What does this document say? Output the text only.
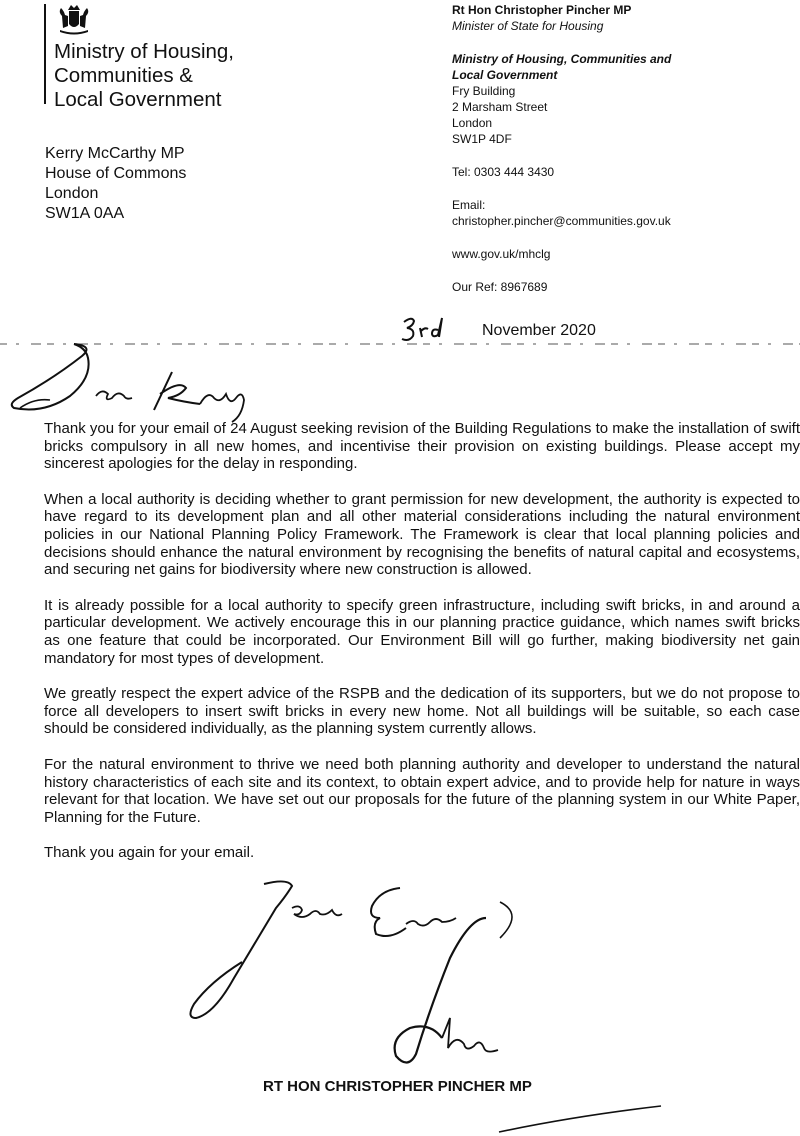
Ministry of Housing,
Communities &
Local Government
Kerry McCarthy MP
House of Commons
London
SW1A 0AA
Rt Hon Christopher Pincher MP
Minister of State for Housing
Ministry of Housing, Communities and
Local Government
Fry Building
2 Marsham Street
London
SW1P 4DF
Tel: 0303 444 3430
Email:
christopher.pincher@communities.gov.uk
www.gov.uk/mhclg
Our Ref: 8967689
November 2020

Thank you for your email of 24 August seeking revision of the Building Regulations to make the installation of swift bricks compulsory in all new homes, and incentivise their provision on existing buildings. Please accept my sincerest apologies for the delay in responding.

When a local authority is deciding whether to grant permission for new development, the authority is expected to have regard to its development plan and all other material considerations including the natural environment policies in our National Planning Policy Framework. The Framework is clear that local planning policies and decisions should enhance the natural environment by recognising the benefits of natural capital and ecosystems, and securing net gains for biodiversity where new construction is allowed.

It is already possible for a local authority to specify green infrastructure, including swift bricks, in and around a particular development. We actively encourage this in our planning practice guidance, which names swift bricks as one feature that could be incorporated. Our Environment Bill will go further, making biodiversity net gain mandatory for most types of development.

We greatly respect the expert advice of the RSPB and the dedication of its supporters, but we do not propose to force all developers to insert swift bricks in every new home. Not all buildings will be suitable, so each case should be considered individually, as the planning system currently allows.

For the natural environment to thrive we need both planning authority and developer to understand the natural history characteristics of each site and its context, to obtain expert advice, and to provide help for nature in ways relevant for that location. We have set out our proposals for the future of the planning system in our White Paper, Planning for the Future.

Thank you again for your email.

RT HON CHRISTOPHER PINCHER MP
